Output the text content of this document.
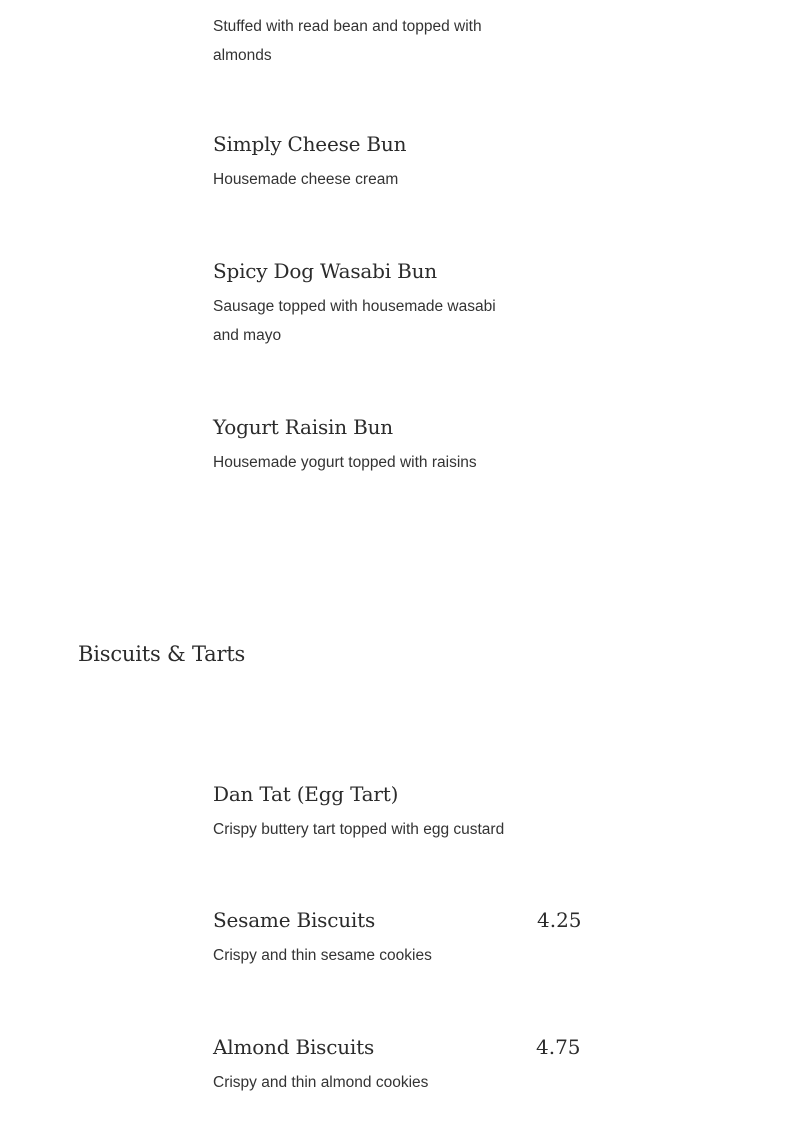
Stuffed with read bean and topped with almonds
Simply Cheese Bun
Housemade cheese cream
Spicy Dog Wasabi Bun
Sausage topped with housemade wasabi and mayo
Yogurt Raisin Bun
Housemade yogurt topped with raisins
Biscuits & Tarts
Dan Tat (Egg Tart)
Crispy buttery tart topped with egg custard
Sesame Biscuits	4.25
Crispy and thin sesame cookies
Almond Biscuits	4.75
Crispy and thin almond cookies
